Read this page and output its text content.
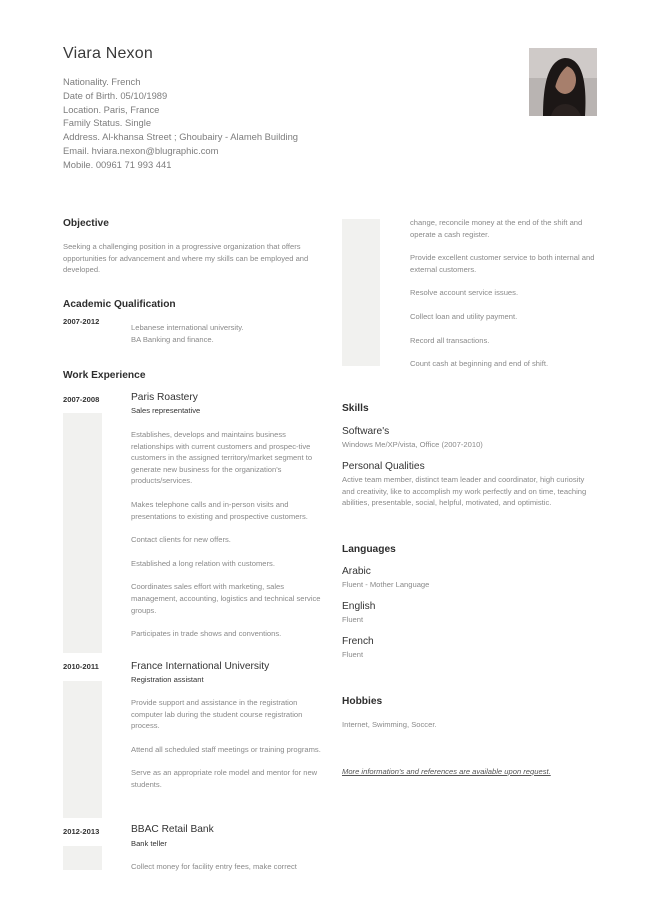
Viara Nexon
Nationality. French
Date of Birth. 05/10/1989
Location. Paris, France
Family Status. Single
Address. Al-khansa Street ; Ghoubairy - Alameh Building
Email. hviara.nexon@blugraphic.com
Mobile. 00961 71 993 441
Objective
Seeking a challenging position in a progressive organization that offers opportunities for advancement and where my skills can be employed and developed.
Academic Qualification
2007-2012
Lebanese international university.
BA Banking and finance.
Work Experience
2007-2008	Paris Roastery
Sales representative

Establishes, develops and maintains business relationships with current customers and prospec-tive customers in the assigned territory/market segment to generate new business for the organization's products/services.

Makes telephone calls and in-person visits and presentations to existing and prospective customers.

Contact clients for new offers.

Established a long relation with customers.

Coordinates sales effort with marketing, sales management, accounting, logistics and technical service groups.

Participates in trade shows and conventions.

2010-2011	France International University
Registration assistant

Provide support and assistance in the registration computer lab during the student course registration process.

Attend all scheduled staff meetings or training programs.

Serve as an appropriate role model and mentor for new students.

2012-2013	BBAC Retail Bank
Bank teller

Collect money for facility entry fees, make correct

change, reconcile money at the end of the shift and operate a cash register.

Provide excellent customer service to both internal and external customers.

Resolve account service issues.

Collect loan and utility payment.

Record all transactions.

Count cash at beginning and end of shift.

Skills
Software's
Windows Me/XP/vista, Office (2007-2010)
Personal Qualities
Active team member, distinct team leader and coordinator, high curiosity and creativity, like to accomplish my work perfectly and on time, teaching abilities, presentable, social, helpful, motivated, and optimistic.
Languages
Arabic
Fluent - Mother Language
English
Fluent
French
Fluent
Hobbies
Internet, Swimming, Soccer.
More information's and references are available upon request.
